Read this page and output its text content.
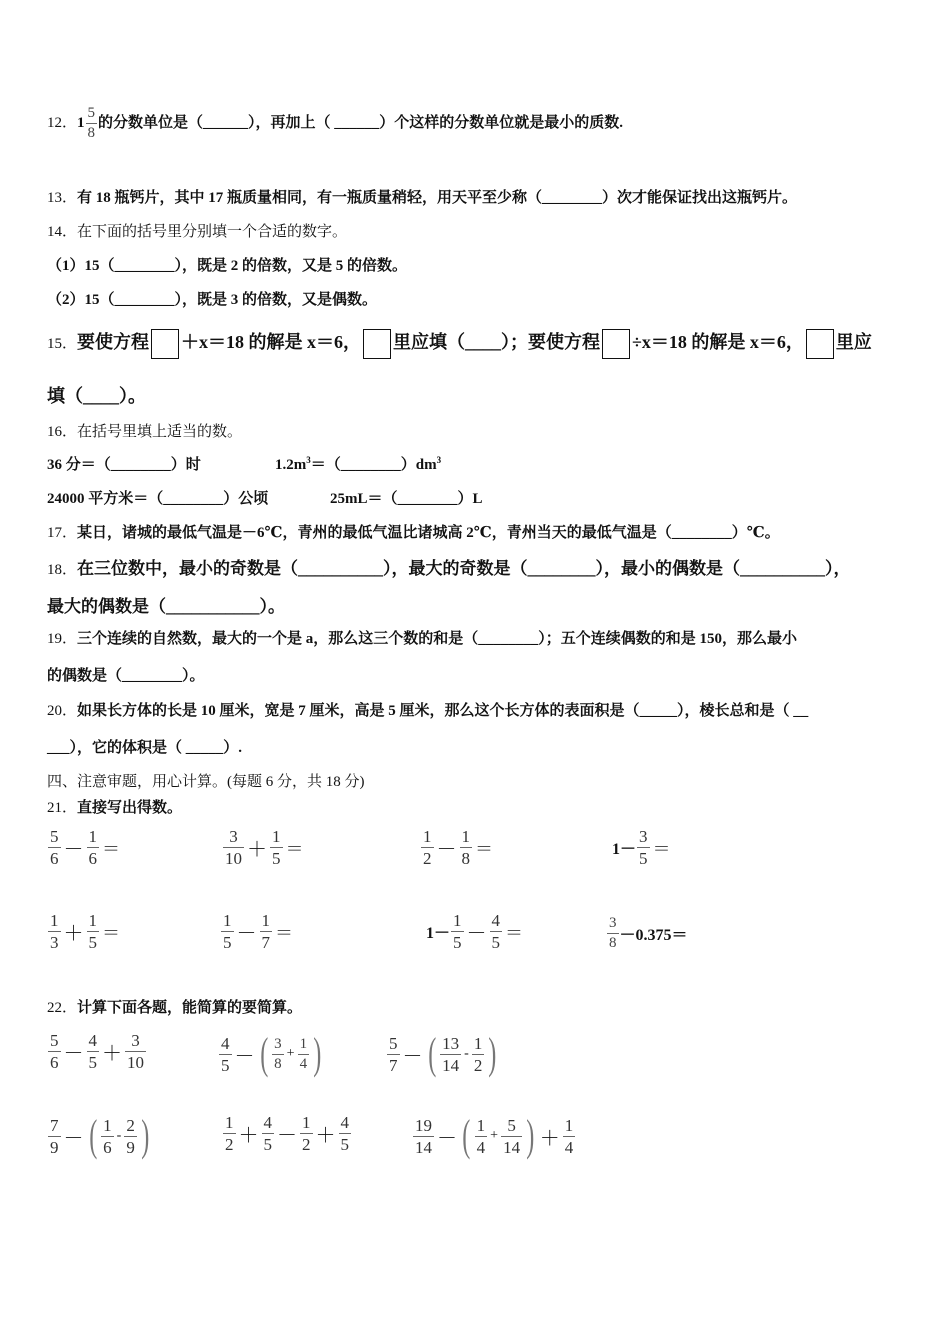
12．$1 \frac{5}{8}$ 的分数单位是（______），再加上（ ______）个这样的分数单位就是最小的质数.
13．有 18 瓶钙片，其中 17 瓶质量相同，有一瓶质量稍轻，用天平至少称（________）次才能保证找出这瓶钙片。
14．在下面的括号里分别填一个合适的数字。
（1）15（________），既是 2 的倍数，又是 5 的倍数。
（2）15（________），既是 3 的倍数，又是偶数。
15．要使方程 ＋x＝18 的解是 x＝6， 里应填（____）；要使方程 ÷x＝18 的解是 x＝6， 里应
填（____）。
16．在括号里填上适当的数。
36 分＝（________）时	$1.2m^3=(\_\_\_\_\_\_\_\_)dm^3$
24000 平方米＝（________）公顷	25mL＝（________）L
17．某日，诸城的最低气温是－6℃，青州的最低气温比诸城高 2℃，青州当天的最低气温是（________）℃。
18．在三位数中，最小的奇数是（__________），最大的奇数是（________），最小的偶数是（__________），
最大的偶数是（___________）。
19．三个连续的自然数，最大的一个是 a，那么这三个数的和是（________）；五个连续偶数的和是 150，那么最小
的偶数是（________）。
20．如果长方体的长是 10 厘米，宽是 7 厘米，高是 5 厘米，那么这个长方体的表面积是（_____），棱长总和是（ __
___），它的体积是（ _____）.
四、注意审题，用心计算。(每题 6 分，共 18 分)
21．直接写出得数。
$\frac{5}{6} - \frac{1}{6}$ ＝	$\frac{3}{10} + \frac{1}{5}$ ＝	$\frac{1}{2} - \frac{1}{8}$ ＝	$1- \frac{3}{5}$ ＝
$\frac{1}{3} + \frac{1}{5}$ ＝	$\frac{1}{5} - \frac{1}{7}$ ＝	$1- \frac{1}{5} - \frac{4}{5}$ ＝	$\frac{3}{8} -0.375=$
22．计算下面各题，能简算的要简算。
$\frac{5}{6} - \frac{4}{5} + \frac{3}{10}$	$\frac{4}{5}$ － ( $\frac{3}{8} + \frac{1}{4}$ )	$\frac{5}{7}$ － ( $\frac{13}{14} - \frac{1}{2}$ )
$\frac{7}{9}$ － ( $\frac{1}{6} - \frac{2}{9}$ )	$\frac{1}{2} + \frac{4}{5} - \frac{1}{2} + \frac{4}{5}$	$\frac{19}{14}$ － ( $\frac{1}{4} + \frac{5}{14}$ ) ＋ $\frac{1}{4}$
